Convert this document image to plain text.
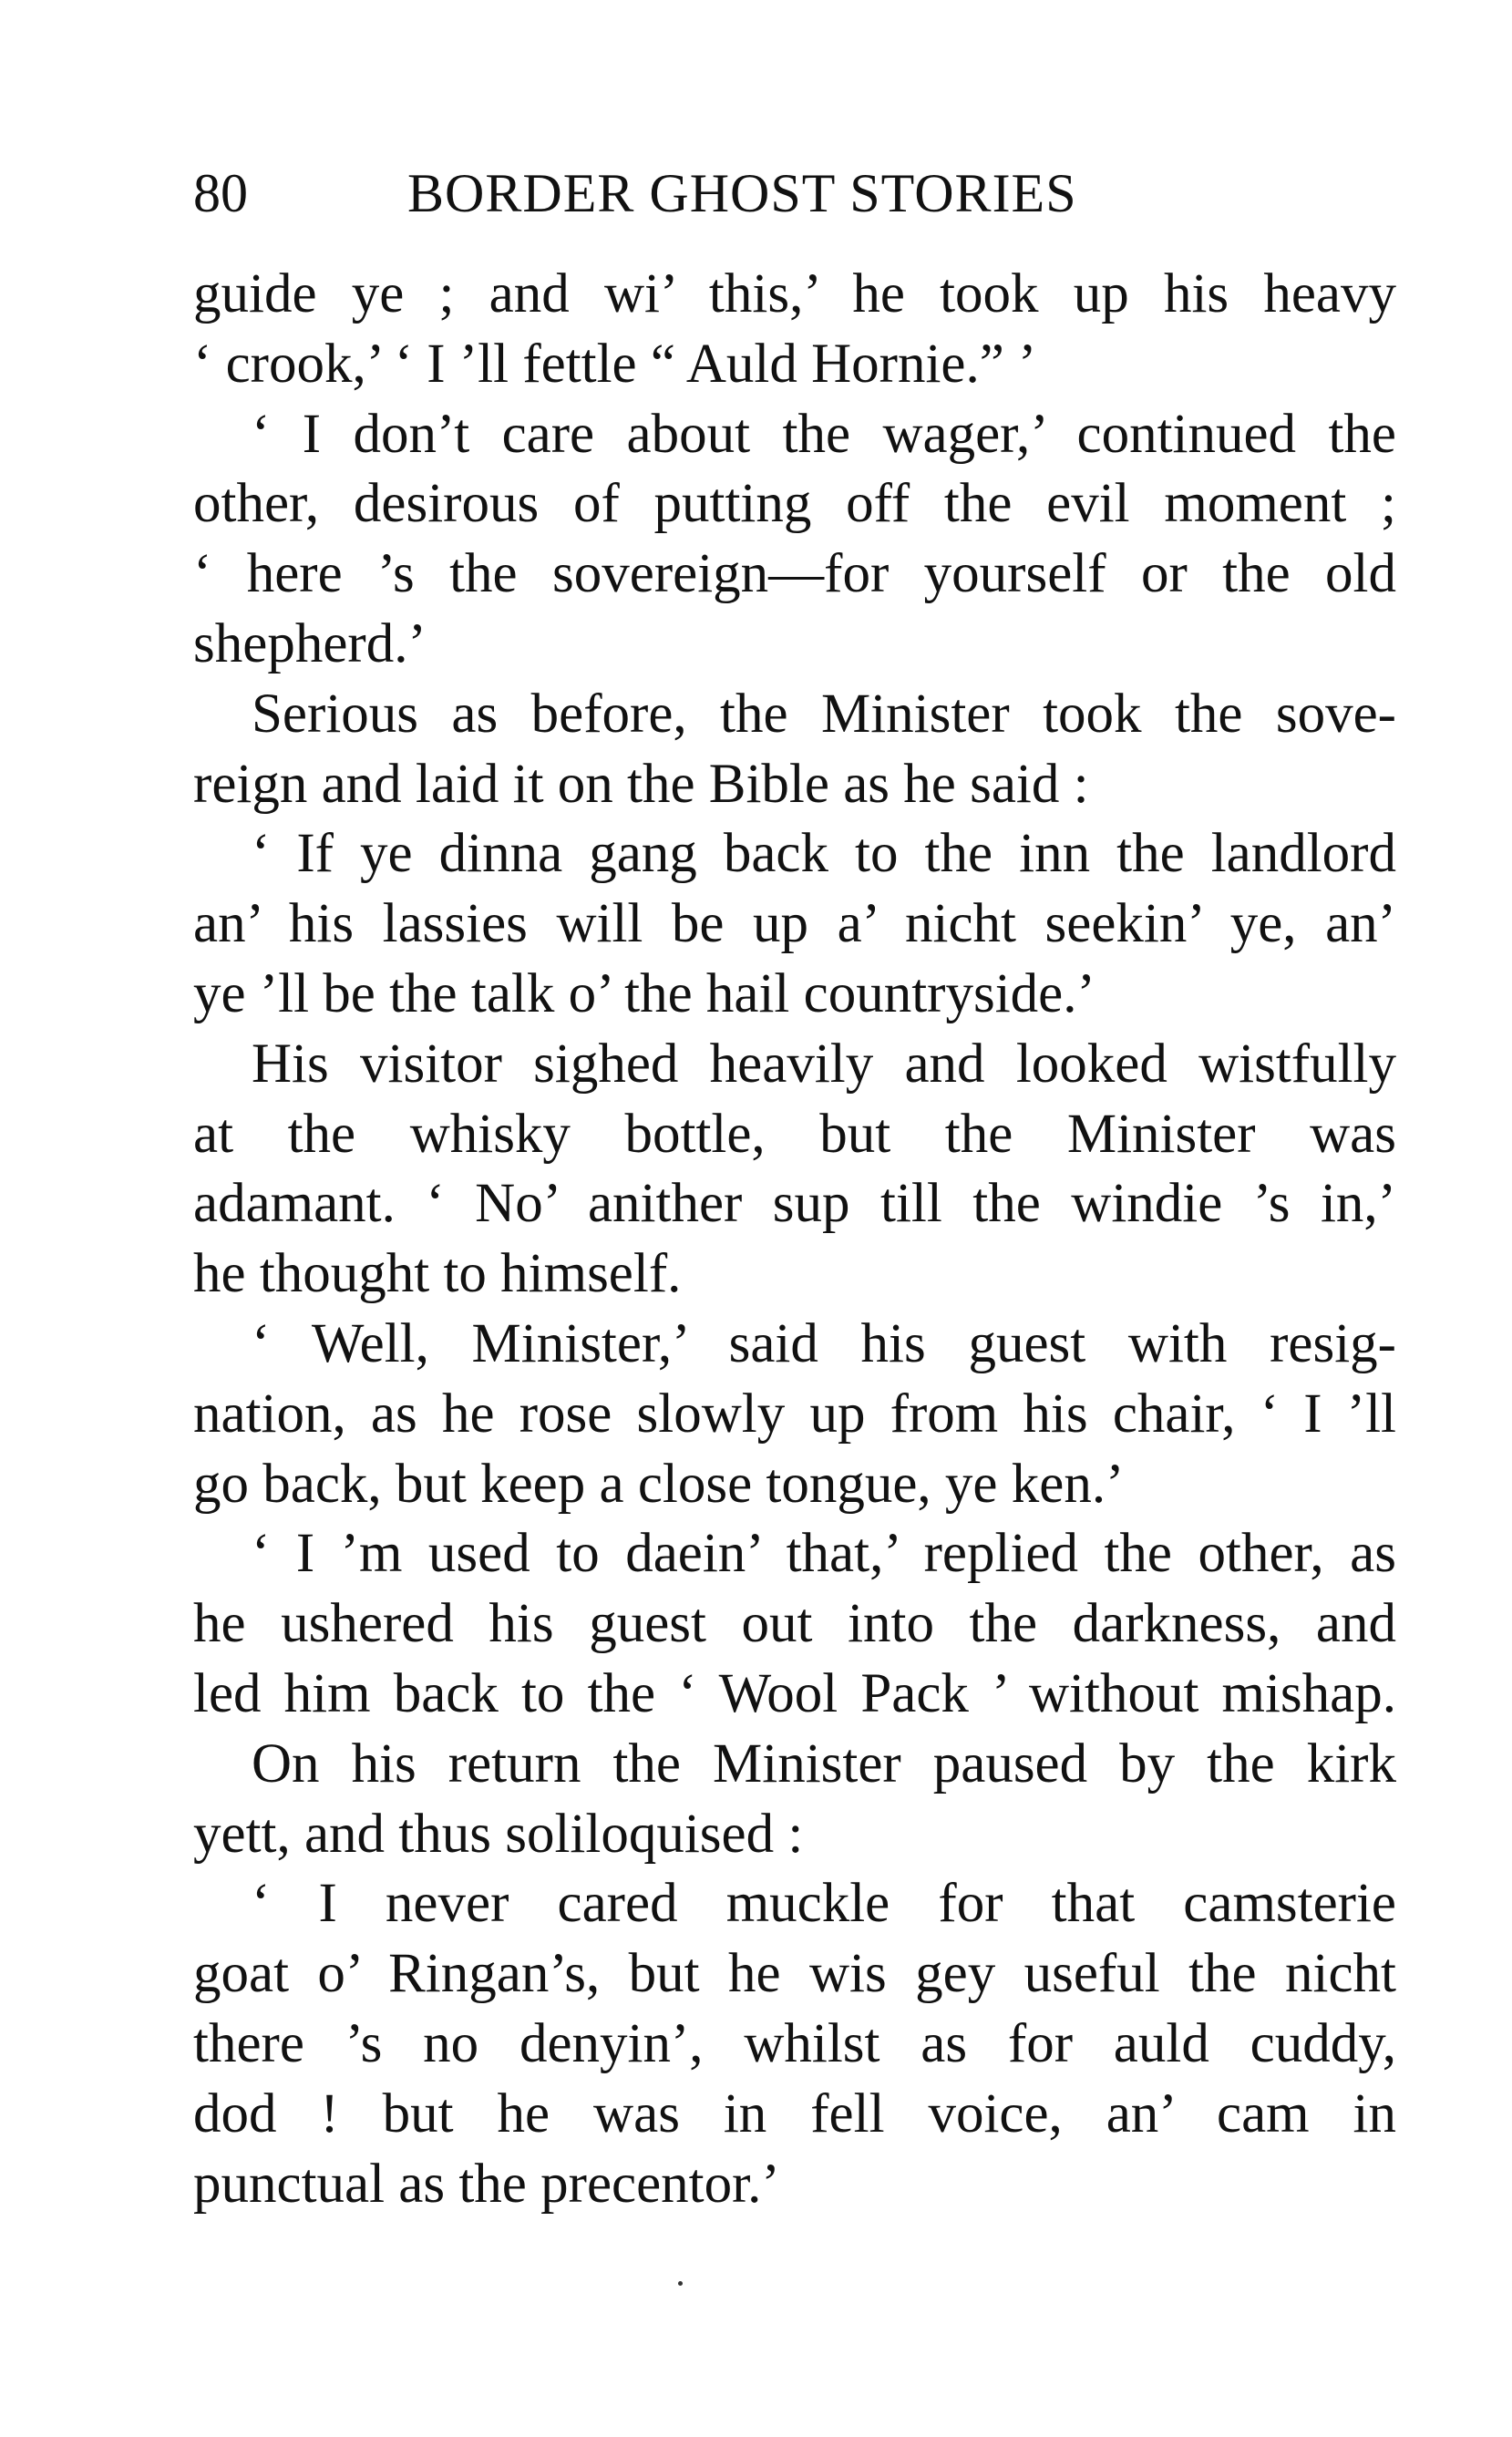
80	BORDER GHOST STORIES
guide ye ; and wi’ this,’ he took up his heavy
‘ crook,’ ‘ I ’ll fettle “ Auld Hornie.” ’
‘ I don’t care about the wager,’ continued the
other, desirous of putting off the evil moment ;
‘ here ’s the sovereign—for yourself or the old
shepherd.’
Serious as before, the Minister took the sove-
reign and laid it on the Bible as he said :
‘ If ye dinna gang back to the inn the landlord
an’ his lassies will be up a’ nicht seekin’ ye, an’
ye ’ll be the talk o’ the hail countryside.’
His visitor sighed heavily and looked wistfully
at the whisky bottle, but the Minister was
adamant. ‘ No’ anither sup till the windie ’s in,’
he thought to himself.
‘ Well, Minister,’ said his guest with resig-
nation, as he rose slowly up from his chair, ‘ I ’ll
go back, but keep a close tongue, ye ken.’
‘ I ’m used to daein’ that,’ replied the other, as
he ushered his guest out into the darkness, and
led him back to the ‘ Wool Pack ’ without mishap.
On his return the Minister paused by the kirk
yett, and thus soliloquised :
‘ I never cared muckle for that camsterie
goat o’ Ringan’s, but he wis gey useful the nicht
there ’s no denyin’, whilst as for auld cuddy,
dod ! but he was in fell voice, an’ cam in
punctual as the precentor.’
